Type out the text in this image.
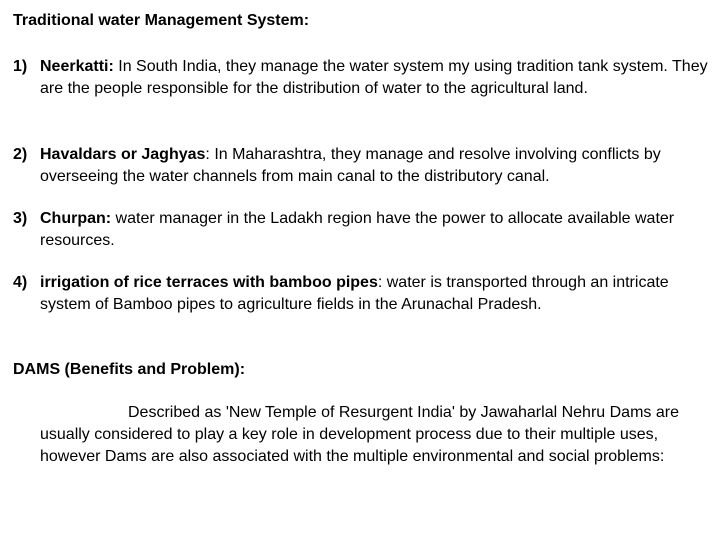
Traditional water Management System:
1) Neerkatti: In South India, they manage the water system my using tradition tank system. They are the people responsible for the distribution of water to the agricultural land.
2) Havaldars or Jaghyas: In Maharashtra, they manage and resolve involving conflicts by overseeing the water channels from main canal to the distributory canal.
3) Churpan: water manager in the Ladakh region have the power to allocate available water resources.
4) irrigation of rice terraces with bamboo pipes: water is transported through an intricate system of Bamboo pipes to agriculture fields in the Arunachal Pradesh.
DAMS (Benefits and Problem):
Described as 'New Temple of Resurgent India' by Jawaharlal Nehru Dams are usually considered to play a key role in development process due to their multiple uses, however Dams are also associated with the multiple environmental and social problems:
